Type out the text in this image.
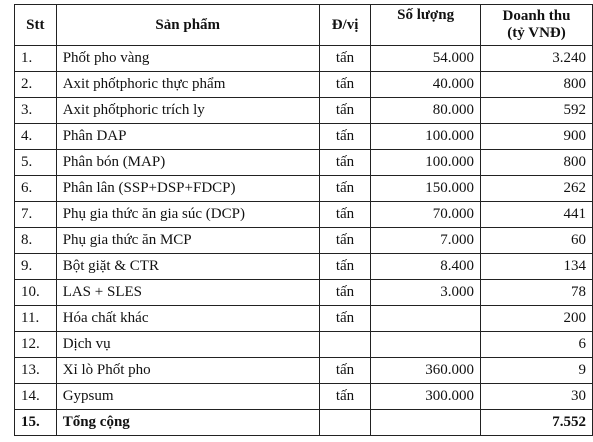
Stt	Sản phẩm	Đ/vị	Số lượng	Doanh thu
(tỷ VNĐ)
1.	Phốt pho vàng	tấn	54.000	3.240
2.	Axit phốtphoric thực phẩm	tấn	40.000	800
3.	Axit phốtphoric trích ly	tấn	80.000	592
4.	Phân DAP	tấn	100.000	900
5.	Phân bón (MAP)	tấn	100.000	800
6.	Phân lân (SSP+DSP+FDCP)	tấn	150.000	262
7.	Phụ gia thức ăn gia súc (DCP)	tấn	70.000	441
8.	Phụ gia thức ăn MCP	tấn	7.000	60
9.	Bột giặt & CTR	tấn	8.400	134
10.	LAS + SLES	tấn	3.000	78
11.	Hóa chất khác	tấn		200
12.	Dịch vụ			6
13.	Xỉ lò Phốt pho	tấn	360.000	9
14.	Gypsum	tấn	300.000	30
15.	Tổng cộng			7.552
